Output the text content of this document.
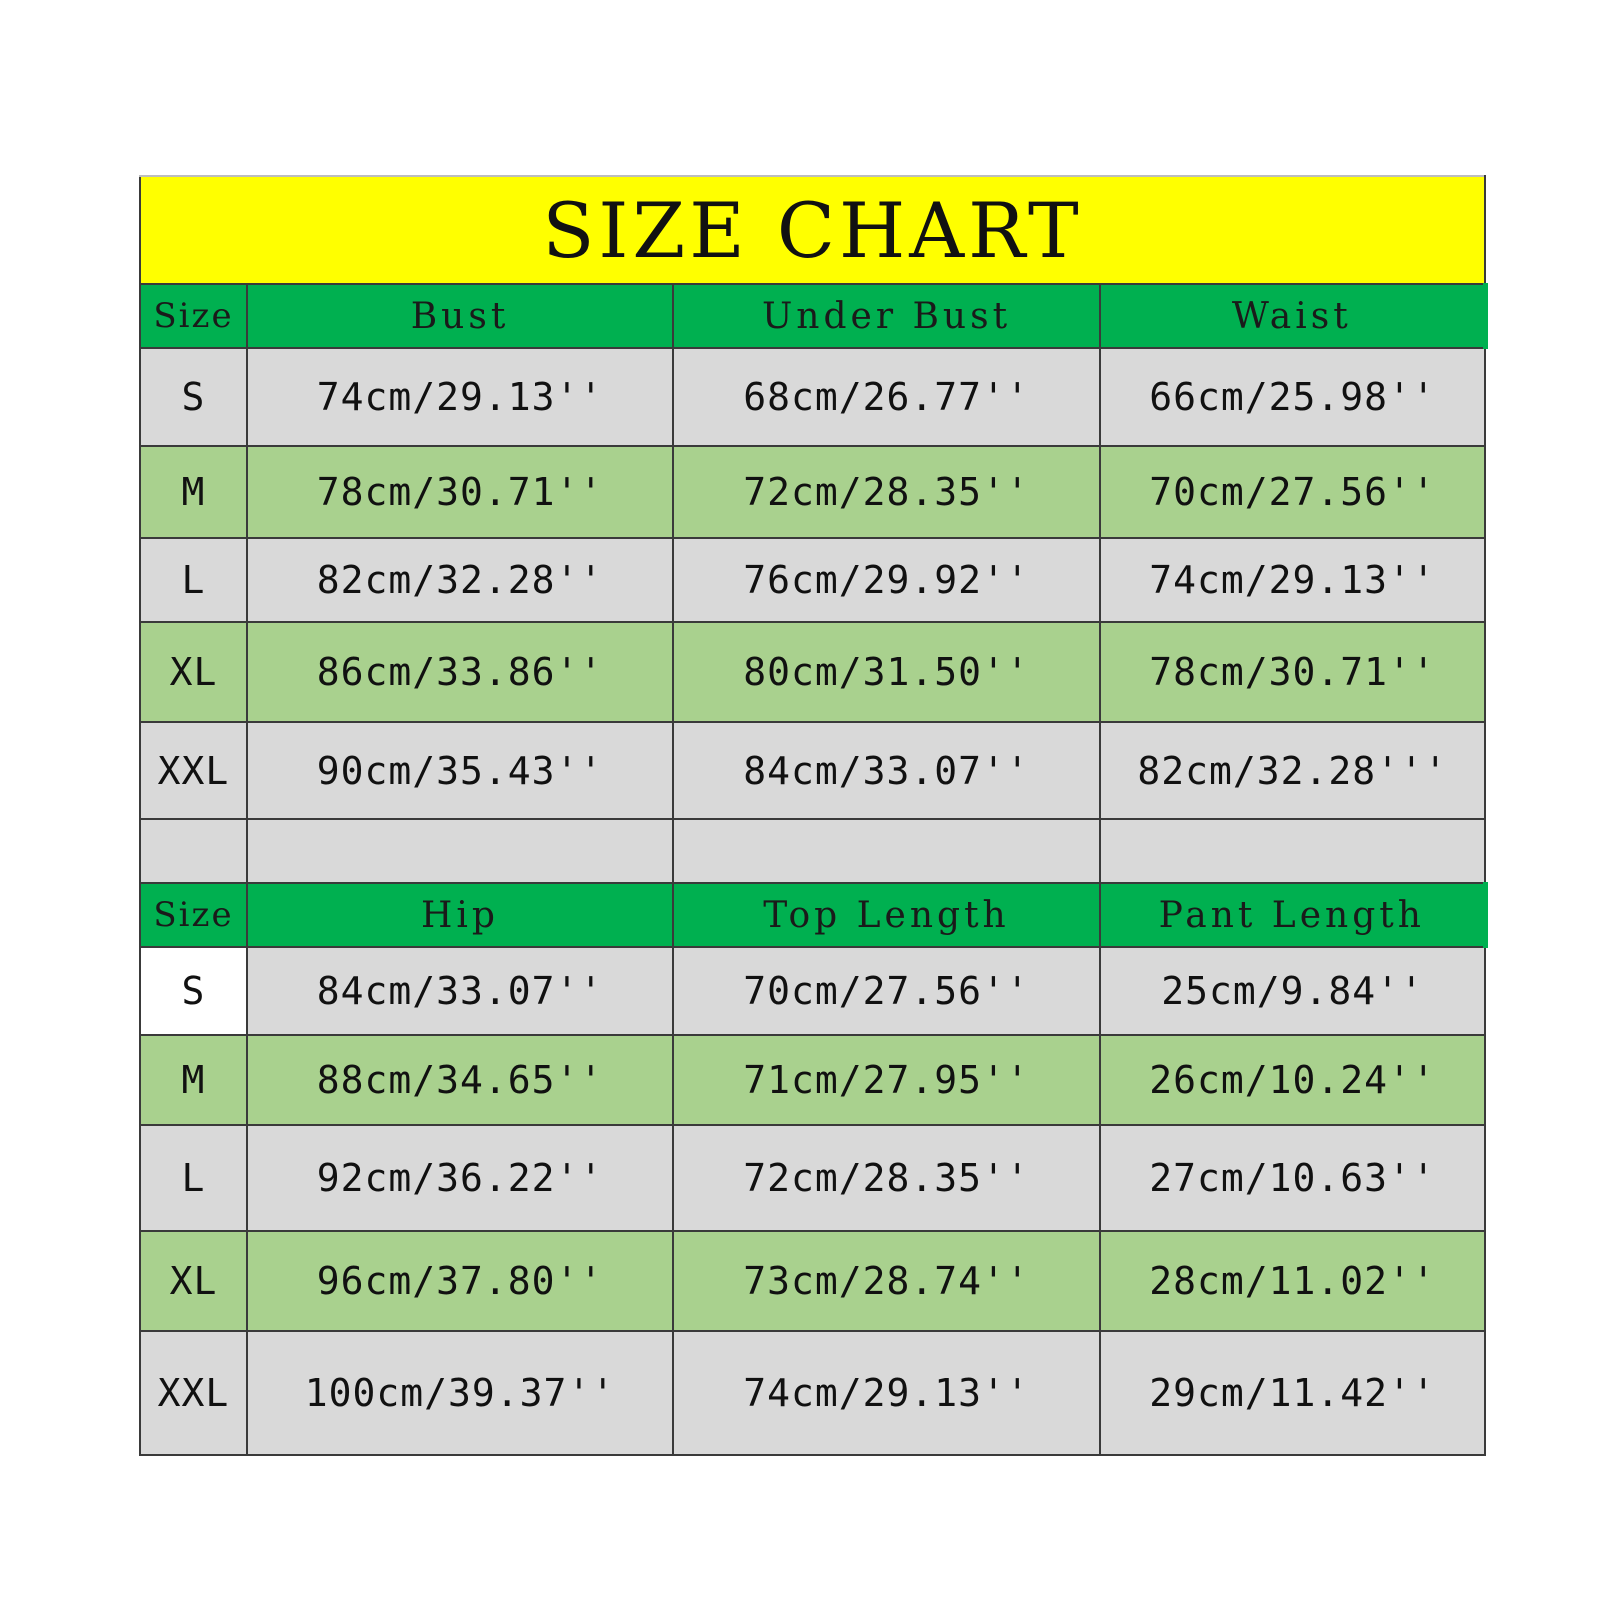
SIZE CHART			
Size	Bust	Under Bust	Waist
S	74cm/29.13''	68cm/26.77''	66cm/25.98''
M	78cm/30.71''	72cm/28.35''	70cm/27.56''
L	82cm/32.28''	76cm/29.92''	74cm/29.13''
XL	86cm/33.86''	80cm/31.50''	78cm/30.71''
XXL	90cm/35.43''	84cm/33.07''	82cm/32.28'''

Size	Hip	Top Length	Pant Length
S	84cm/33.07''	70cm/27.56''	25cm/9.84''
M	88cm/34.65''	71cm/27.95''	26cm/10.24''
L	92cm/36.22''	72cm/28.35''	27cm/10.63''
XL	96cm/37.80''	73cm/28.74''	28cm/11.02''
XXL	100cm/39.37''	74cm/29.13''	29cm/11.42''
